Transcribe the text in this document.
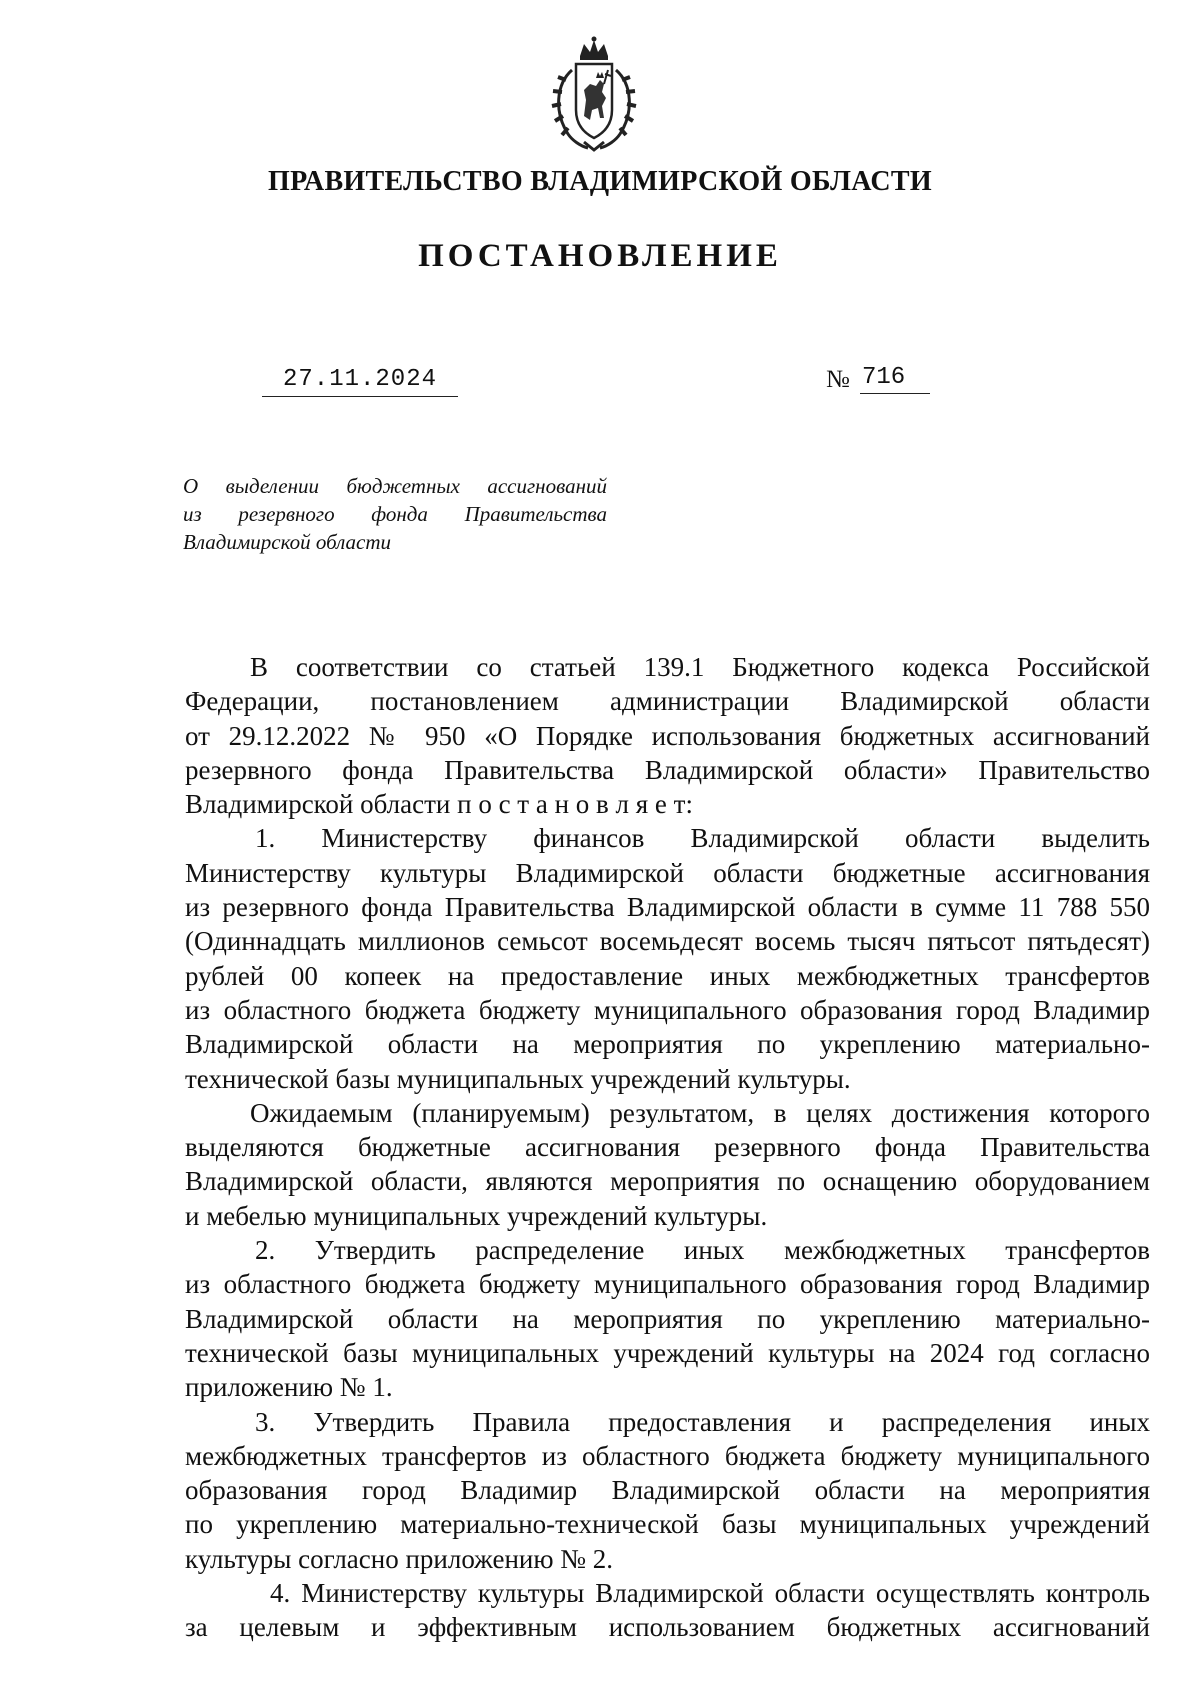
ПРАВИТЕЛЬСТВО ВЛАДИМИРСКОЙ ОБЛАСТИ
ПОСТАНОВЛЕНИЕ
27.11.2024	№ 716
О выделении бюджетных ассигнований
из резервного фонда Правительства
Владимирской области
В соответствии со статьей 139.1 Бюджетного кодекса Российской
Федерации, постановлением администрации Владимирской области
от 29.12.2022 № 950 «О Порядке использования бюджетных ассигнований
резервного фонда Правительства Владимирской области» Правительство
Владимирской области п о с т а н о в л я е т:
1. Министерству финансов Владимирской области выделить
Министерству культуры Владимирской области бюджетные ассигнования
из резервного фонда Правительства Владимирской области в сумме 11 788 550
(Одиннадцать миллионов семьсот восемьдесят восемь тысяч пятьсот пятьдесят)
рублей 00 копеек на предоставление иных межбюджетных трансфертов
из областного бюджета бюджету муниципального образования город Владимир
Владимирской области на мероприятия по укреплению материально-
технической базы муниципальных учреждений культуры.
Ожидаемым (планируемым) результатом, в целях достижения которого
выделяются бюджетные ассигнования резервного фонда Правительства
Владимирской области, являются мероприятия по оснащению оборудованием
и мебелью муниципальных учреждений культуры.
2. Утвердить распределение иных межбюджетных трансфертов
из областного бюджета бюджету муниципального образования город Владимир
Владимирской области на мероприятия по укреплению материально-
технической базы муниципальных учреждений культуры на 2024 год согласно
приложению № 1.
3. Утвердить Правила предоставления и распределения иных
межбюджетных трансфертов из областного бюджета бюджету муниципального
образования город Владимир Владимирской области на мероприятия
по укреплению материально-технической базы муниципальных учреждений
культуры согласно приложению № 2.
4. Министерству культуры Владимирской области осуществлять контроль
за целевым и эффективным использованием бюджетных ассигнований
